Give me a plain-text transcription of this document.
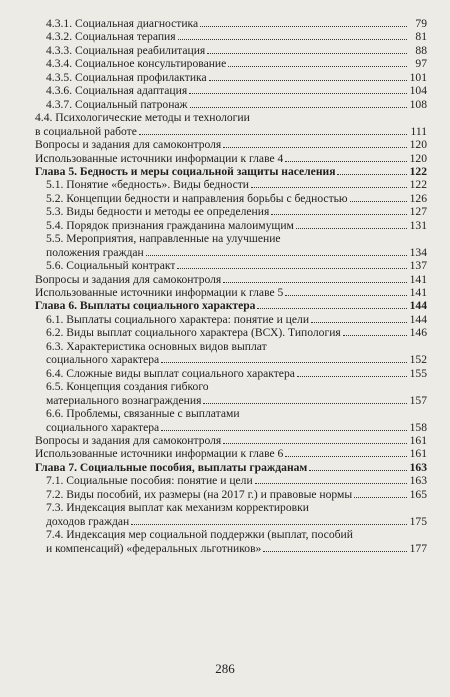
4.3.1. Социальная диагностика	79
4.3.2. Социальная терапия	81
4.3.3. Социальная реабилитация	88
4.3.4. Социальное консультирование	97
4.3.5. Социальная профилактика	101
4.3.6. Социальная адаптация	104
4.3.7. Социальный патронаж	108
4.4. Психологические методы и технологии
в социальной работе	111
Вопросы и задания для самоконтроля	120
Использованные источники информации к главе 4	120
Глава 5. Бедность и меры социальной защиты населения	122
5.1. Понятие «бедность». Виды бедности	122
5.2. Концепции бедности и направления борьбы с бедностью	126
5.3. Виды бедности и методы ее определения	127
5.4. Порядок признания гражданина малоимущим	131
5.5. Мероприятия, направленные на улучшение
положения граждан	134
5.6. Социальный контракт	137
Вопросы и задания для самоконтроля	141
Использованные источники информации к главе 5	141
Глава 6. Выплаты социального характера	144
6.1. Выплаты социального характера: понятие и цели	144
6.2. Виды выплат социального характера (ВСХ). Типология	146
6.3. Характеристика основных видов выплат
социального характера	152
6.4. Сложные виды выплат социального характера	155
6.5. Концепция создания гибкого
материального вознаграждения	157
6.6. Проблемы, связанные с выплатами
социального характера	158
Вопросы и задания для самоконтроля	161
Использованные источники информации к главе 6	161
Глава 7. Социальные пособия, выплаты гражданам	163
7.1. Социальные пособия: понятие и цели	163
7.2. Виды пособий, их размеры (на 2017 г.) и правовые нормы	165
7.3. Индексация выплат как механизм корректировки
доходов граждан	175
7.4. Индексация мер социальной поддержки (выплат, пособий
и компенсаций) «федеральных льготников»	177
286
